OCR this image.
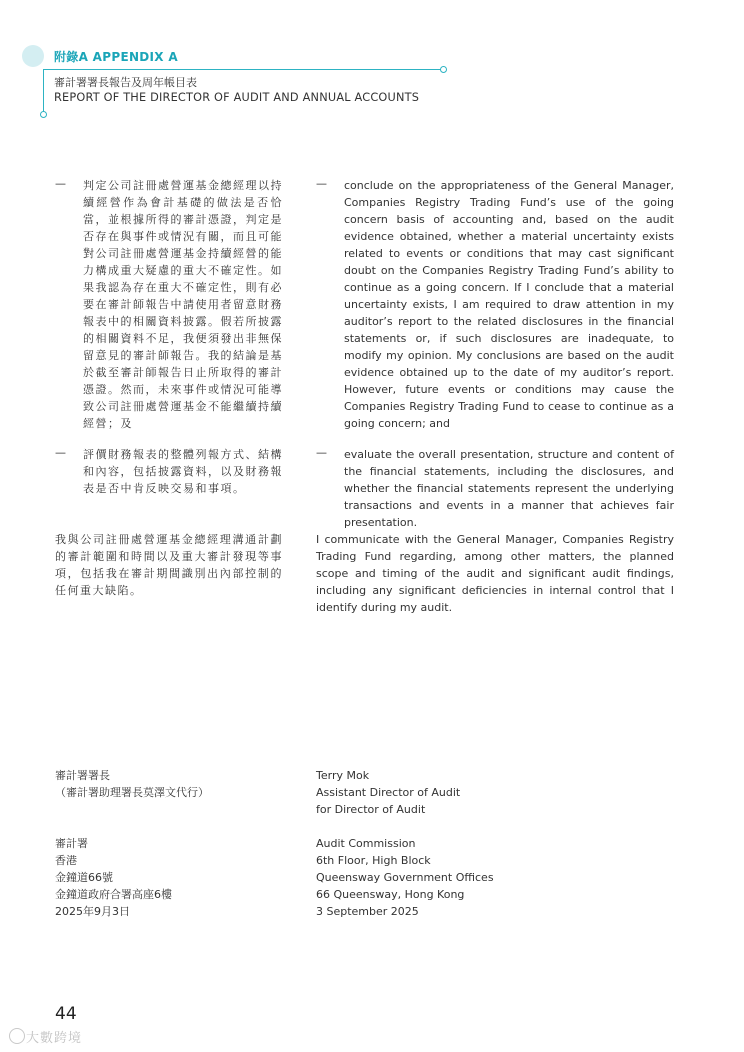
附錄A APPENDIX A
審計署署長報告及周年帳目表
REPORT OF THE DIRECTOR OF AUDIT AND ANNUAL ACCOUNTS
— 判定公司註冊處營運基金總經理以持續經營作為會計基礎的做法是否恰當，並根據所得的審計憑證，判定是否存在與事件或情況有關，而且可能對公司註冊處營運基金持續經營的能力構成重大疑慮的重大不確定性。如果我認為存在重大不確定性，則有必要在審計師報告中請使用者留意財務報表中的相關資料披露。假若所披露的相關資料不足，我便須發出非無保留意見的審計師報告。我的結論是基於截至審計師報告日止所取得的審計憑證。然而，未來事件或情況可能導致公司註冊處營運基金不能繼續持續經營；及

— conclude on the appropriateness of the General Manager, Companies Registry Trading Fund’s use of the going concern basis of accounting and, based on the audit evidence obtained, whether a material uncertainty exists related to events or conditions that may cast significant doubt on the Companies Registry Trading Fund’s ability to continue as a going concern. If I conclude that a material uncertainty exists, I am required to draw attention in my auditor’s report to the related disclosures in the financial statements or, if such disclosures are inadequate, to modify my opinion. My conclusions are based on the audit evidence obtained up to the date of my auditor’s report. However, future events or conditions may cause the Companies Registry Trading Fund to cease to continue as a going concern; and

— 評價財務報表的整體列報方式、結構和內容，包括披露資料，以及財務報表是否中肯反映交易和事項。

— evaluate the overall presentation, structure and content of the financial statements, including the disclosures, and whether the financial statements represent the underlying transactions and events in a manner that achieves fair presentation.

我與公司註冊處營運基金總經理溝通計劃的審計範圍和時間以及重大審計發現等事項，包括我在審計期間識別出內部控制的任何重大缺陷。

I communicate with the General Manager, Companies Registry Trading Fund regarding, among other matters, the planned scope and timing of the audit and significant audit findings, including any significant deficiencies in internal control that I identify during my audit.

審計署署長
（審計署助理署長莫澤文代行）
Terry Mok
Assistant Director of Audit
for Director of Audit
審計署
香港
金鐘道66號
金鐘道政府合署高座6樓
2025年9月3日
Audit Commission
6th Floor, High Block
Queensway Government Offices
66 Queensway, Hong Kong
3 September 2025
44
大數跨境
